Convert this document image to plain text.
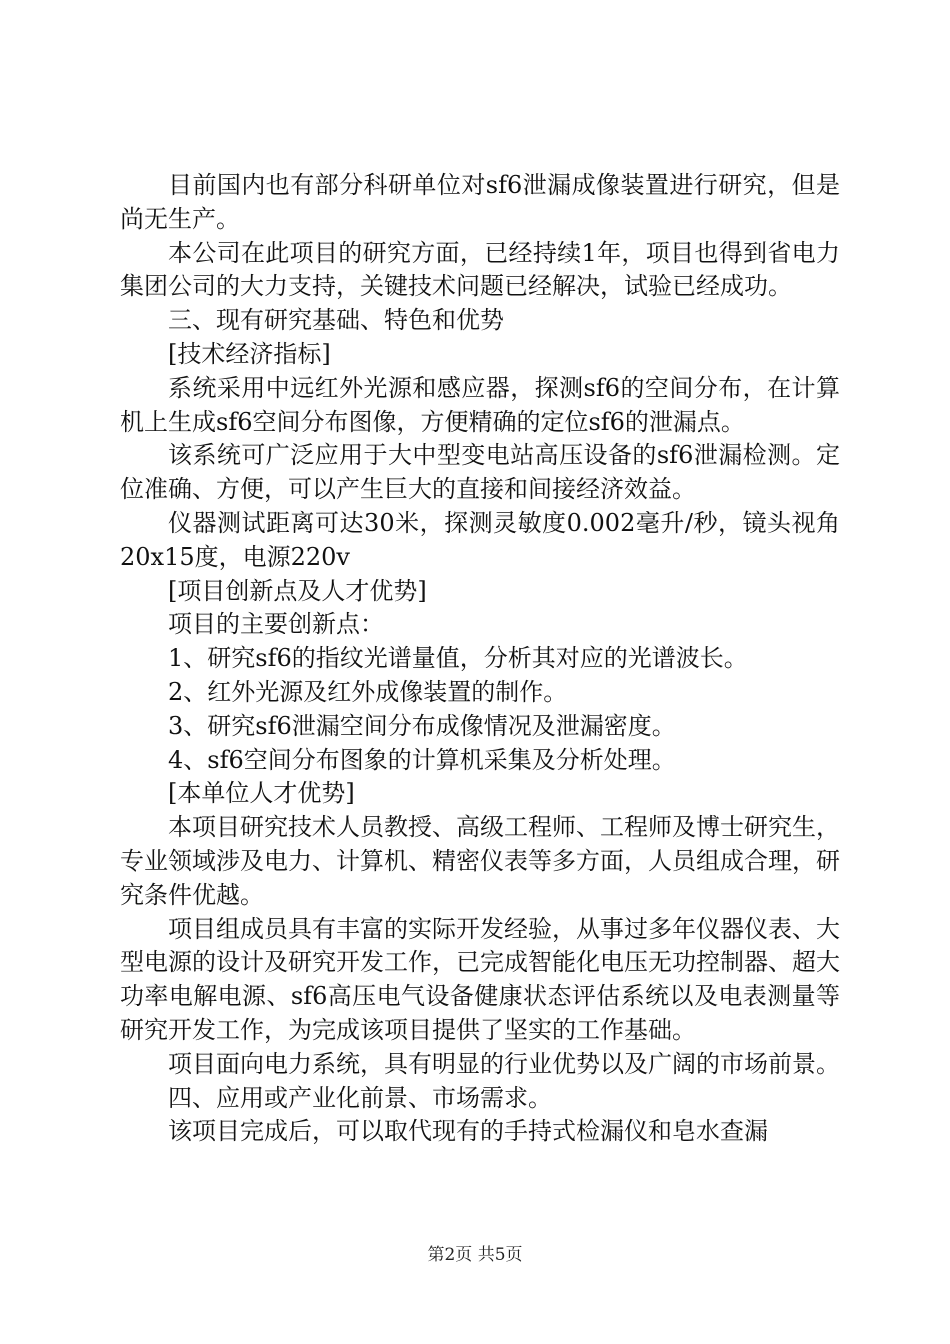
目前国内也有部分科研单位对sf6泄漏成像装置进行研究，但是尚无生产。

本公司在此项目的研究方面，已经持续1年，项目也得到省电力集团公司的大力支持，关键技术问题已经解决，试验已经成功。

三、现有研究基础、特色和优势

[技术经济指标]

系统采用中远红外光源和感应器，探测sf6的空间分布，在计算机上生成sf6空间分布图像，方便精确的定位sf6的泄漏点。

该系统可广泛应用于大中型变电站高压设备的sf6泄漏检测。定位准确、方便，可以产生巨大的直接和间接经济效益。

仪器测试距离可达30米，探测灵敏度0.002毫升/秒，镜头视角20x15度，电源220v

[项目创新点及人才优势]

项目的主要创新点：

1、研究sf6的指纹光谱量值，分析其对应的光谱波长。

2、红外光源及红外成像装置的制作。

3、研究sf6泄漏空间分布成像情况及泄漏密度。

4、sf6空间分布图象的计算机采集及分析处理。

[本单位人才优势]

本项目研究技术人员教授、高级工程师、工程师及博士研究生，专业领域涉及电力、计算机、精密仪表等多方面，人员组成合理，研究条件优越。

项目组成员具有丰富的实际开发经验，从事过多年仪器仪表、大型电源的设计及研究开发工作，已完成智能化电压无功控制器、超大功率电解电源、sf6高压电气设备健康状态评估系统以及电表测量等研究开发工作，为完成该项目提供了坚实的工作基础。

项目面向电力系统，具有明显的行业优势以及广阔的市场前景。

四、应用或产业化前景、市场需求。

该项目完成后，可以取代现有的手持式检漏仪和皂水查漏

第2页 共5页
